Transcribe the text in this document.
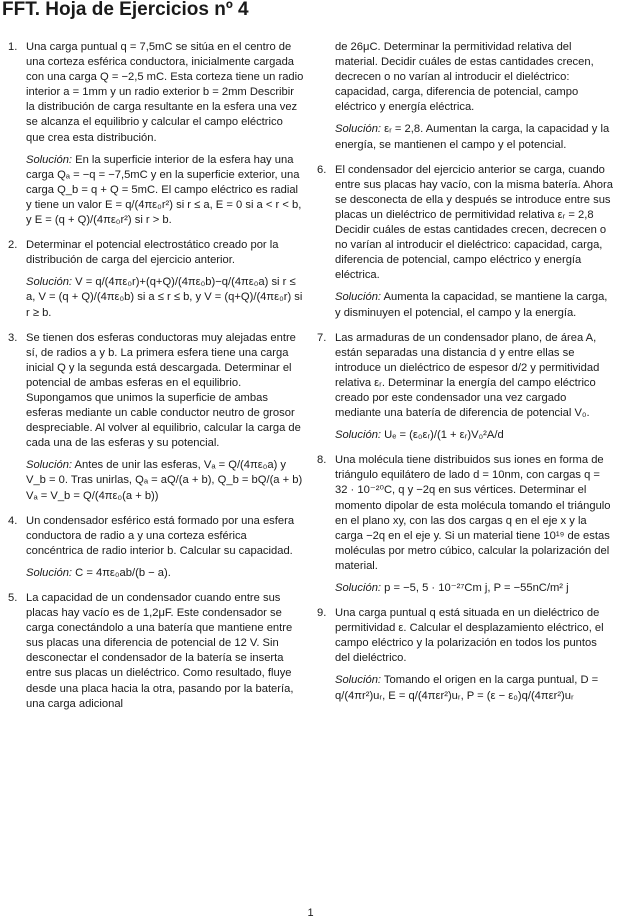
FFT. Hoja de Ejercicios nº 4
1. Una carga puntual q = 7,5mC se sitúa en el centro de una corteza esférica conductora, inicialmente cargada con una carga Q = −2,5 mC. Esta corteza tiene un radio interior a = 1mm y un radio exterior b = 2mm Describir la distribución de carga resultante en la esfera una vez se alcanza el equilibrio y calcular el campo eléctrico que crea esta distribución.

Solución: En la superficie interior de la esfera hay una carga Qₐ = −q = −7,5mC y en la superficie exterior, una carga Q_b = q + Q = 5mC. El campo eléctrico es radial y tiene un valor E = q/(4πε₀r²) si r ≤ a, E = 0 si a < r < b, y E = (q + Q)/(4πε₀r²) si r > b.

2. Determinar el potencial electrostático creado por la distribución de carga del ejercicio anterior.

Solución: V = q/(4πε₀r)+(q+Q)/(4πε₀b)−q/(4πε₀a) si r ≤ a, V = (q + Q)/(4πε₀b) si a ≤ r ≤ b, y V = (q+Q)/(4πε₀r) si r ≥ b.

3. Se tienen dos esferas conductoras muy alejadas entre sí, de radios a y b. La primera esfera tiene una carga inicial Q y la segunda está descargada. Determinar el potencial de ambas esferas en el equilibrio. Supongamos que unimos la superficie de ambas esferas mediante un cable conductor neutro de grosor despreciable. Al volver al equilibrio, calcular la carga de cada una de las esferas y su potencial.

Solución: Antes de unir las esferas, Vₐ = Q/(4πε₀a) y V_b = 0. Tras unirlas, Qₐ = aQ/(a + b), Q_b = bQ/(a + b) Vₐ = V_b = Q/(4πε₀(a + b))

4. Un condensador esférico está formado por una esfera conductora de radio a y una corteza esférica concéntrica de radio interior b. Calcular su capacidad.

Solución: C = 4πε₀ab/(b − a).

5. La capacidad de un condensador cuando entre sus placas hay vacío es de 1,2μF. Este condensador se carga conectándolo a una batería que mantiene entre sus placas una diferencia de potencial de 12 V. Sin desconectar el condensador de la batería se inserta entre sus placas un dieléctrico. Como resultado, fluye desde una placa hacia la otra, pasando por la batería, una carga adicional

de 26μC. Determinar la permitividad relativa del material. Decidir cuáles de estas cantidades crecen, decrecen o no varían al introducir el dieléctrico: capacidad, carga, diferencia de potencial, campo eléctrico y energía eléctrica.

Solución: εᵣ = 2,8. Aumentan la carga, la capacidad y la energía, se mantienen el campo y el potencial.

6. El condensador del ejercicio anterior se carga, cuando entre sus placas hay vacío, con la misma batería. Ahora se desconecta de ella y después se introduce entre sus placas un dieléctrico de permitividad relativa εᵣ = 2,8 Decidir cuáles de estas cantidades crecen, decrecen o no varían al introducir el dieléctrico: capacidad, carga, diferencia de potencial, campo eléctrico y energía eléctrica.

Solución: Aumenta la capacidad, se mantiene la carga, y disminuyen el potencial, el campo y la energía.

7. Las armaduras de un condensador plano, de área A, están separadas una distancia d y entre ellas se introduce un dieléctrico de espesor d/2 y permitividad relativa εᵣ. Determinar la energía del campo eléctrico creado por este condensador una vez cargado mediante una batería de diferencia de potencial V₀.

Solución: Uₑ = (ε₀εᵣ)/(1 + εᵣ)V₀²A/d

8. Una molécula tiene distribuidos sus iones en forma de triángulo equilátero de lado d = 10nm, con cargas q = 32 · 10⁻²⁰C, q y −2q en sus vértices. Determinar el momento dipolar de esta molécula tomando el triángulo en el plano xy, con las dos cargas q en el eje x y la carga −2q en el eje y. Si un material tiene 10¹⁹ de estas moléculas por metro cúbico, calcular la polarización del material.

Solución: p = −5, 5 · 10⁻²⁷Cm j, P = −55nC/m² j

9. Una carga puntual q está situada en un dieléctrico de permitividad ε. Calcular el desplazamiento eléctrico, el campo eléctrico y la polarización en todos los puntos del dieléctrico.

Solución: Tomando el origen en la carga puntual, D = q/(4πr²)uᵣ, E = q/(4πεr²)uᵣ, P = (ε − ε₀)q/(4πεr²)uᵣ

1
